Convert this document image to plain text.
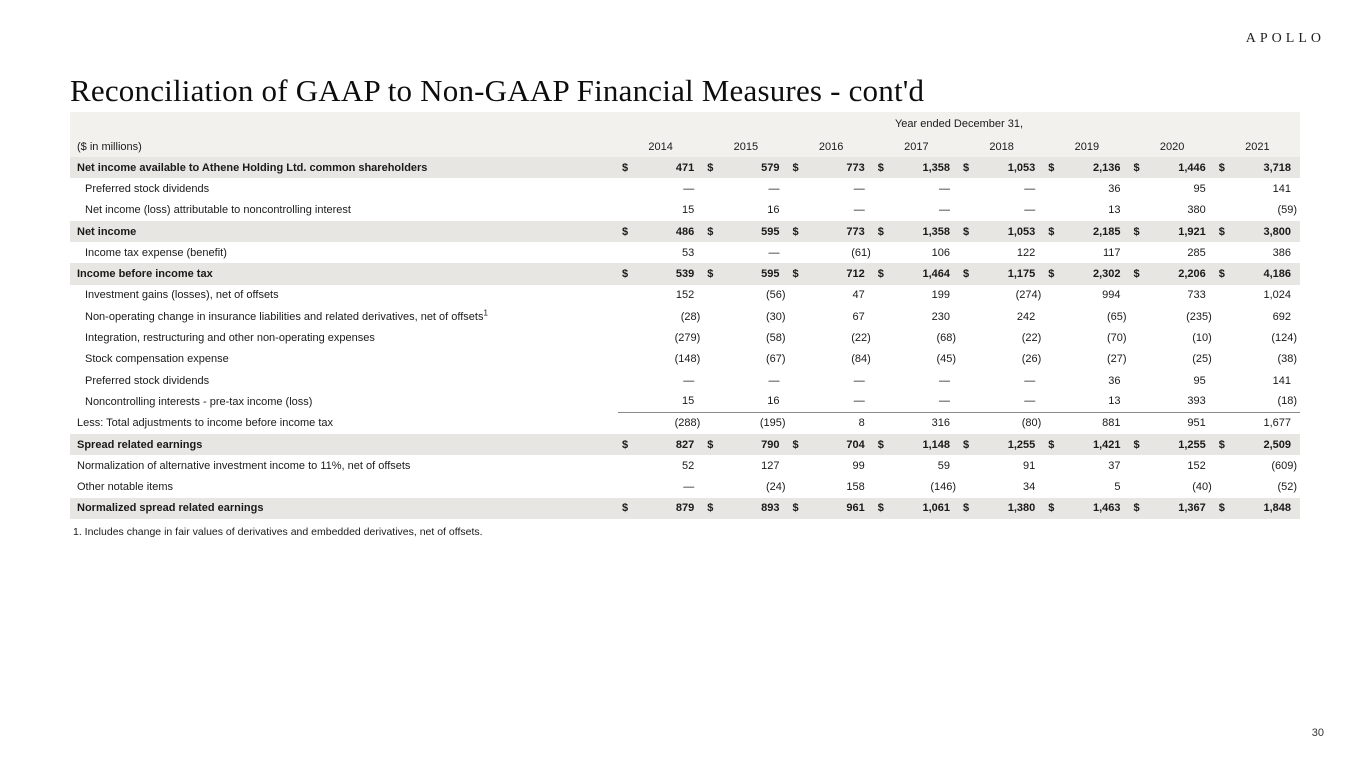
APOLLO
Reconciliation of GAAP to Non-GAAP Financial Measures - cont'd
Year ended December 31,
($ in millions)	2014	2015	2016	2017	2018	2019	2020	2021
Net income available to Athene Holding Ltd. common shareholders	$	471	$	579	$	773	$	1,358	$	1,053	$	2,136	$	1,446	$	3,718
Preferred stock dividends	—	—	—	—	—	36	95	141
Net income (loss) attributable to noncontrolling interest	15	16	—	—	—	13	380	(59)
Net income	$	486	$	595	$	773	$	1,358	$	1,053	$	2,185	$	1,921	$	3,800
Income tax expense (benefit)	53	—	(61)	106	122	117	285	386
Income before income tax	$	539	$	595	$	712	$	1,464	$	1,175	$	2,302	$	2,206	$	4,186
Investment gains (losses), net of offsets	152	(56)	47	199	(274)	994	733	1,024
Non-operating change in insurance liabilities and related derivatives, net of offsets$^1$	(28)	(30)	67	230	242	(65)	(235)	692
Integration, restructuring and other non-operating expenses	(279)	(58)	(22)	(68)	(22)	(70)	(10)	(124)
Stock compensation expense	(148)	(67)	(84)	(45)	(26)	(27)	(25)	(38)
Preferred stock dividends	—	—	—	—	—	36	95	141
Noncontrolling interests - pre-tax income (loss)	15	16	—	—	—	13	393	(18)
Less: Total adjustments to income before income tax	(288)	(195)	8	316	(80)	881	951	1,677
Spread related earnings	$	827	$	790	$	704	$	1,148	$	1,255	$	1,421	$	1,255	$	2,509
Normalization of alternative investment income to 11%, net of offsets	52	127	99	59	91	37	152	(609)
Other notable items	—	(24)	158	(146)	34	5	(40)	(52)
Normalized spread related earnings	$	879	$	893	$	961	$	1,061	$	1,380	$	1,463	$	1,367	$	1,848
1. Includes change in fair values of derivatives and embedded derivatives, net of offsets.
30
